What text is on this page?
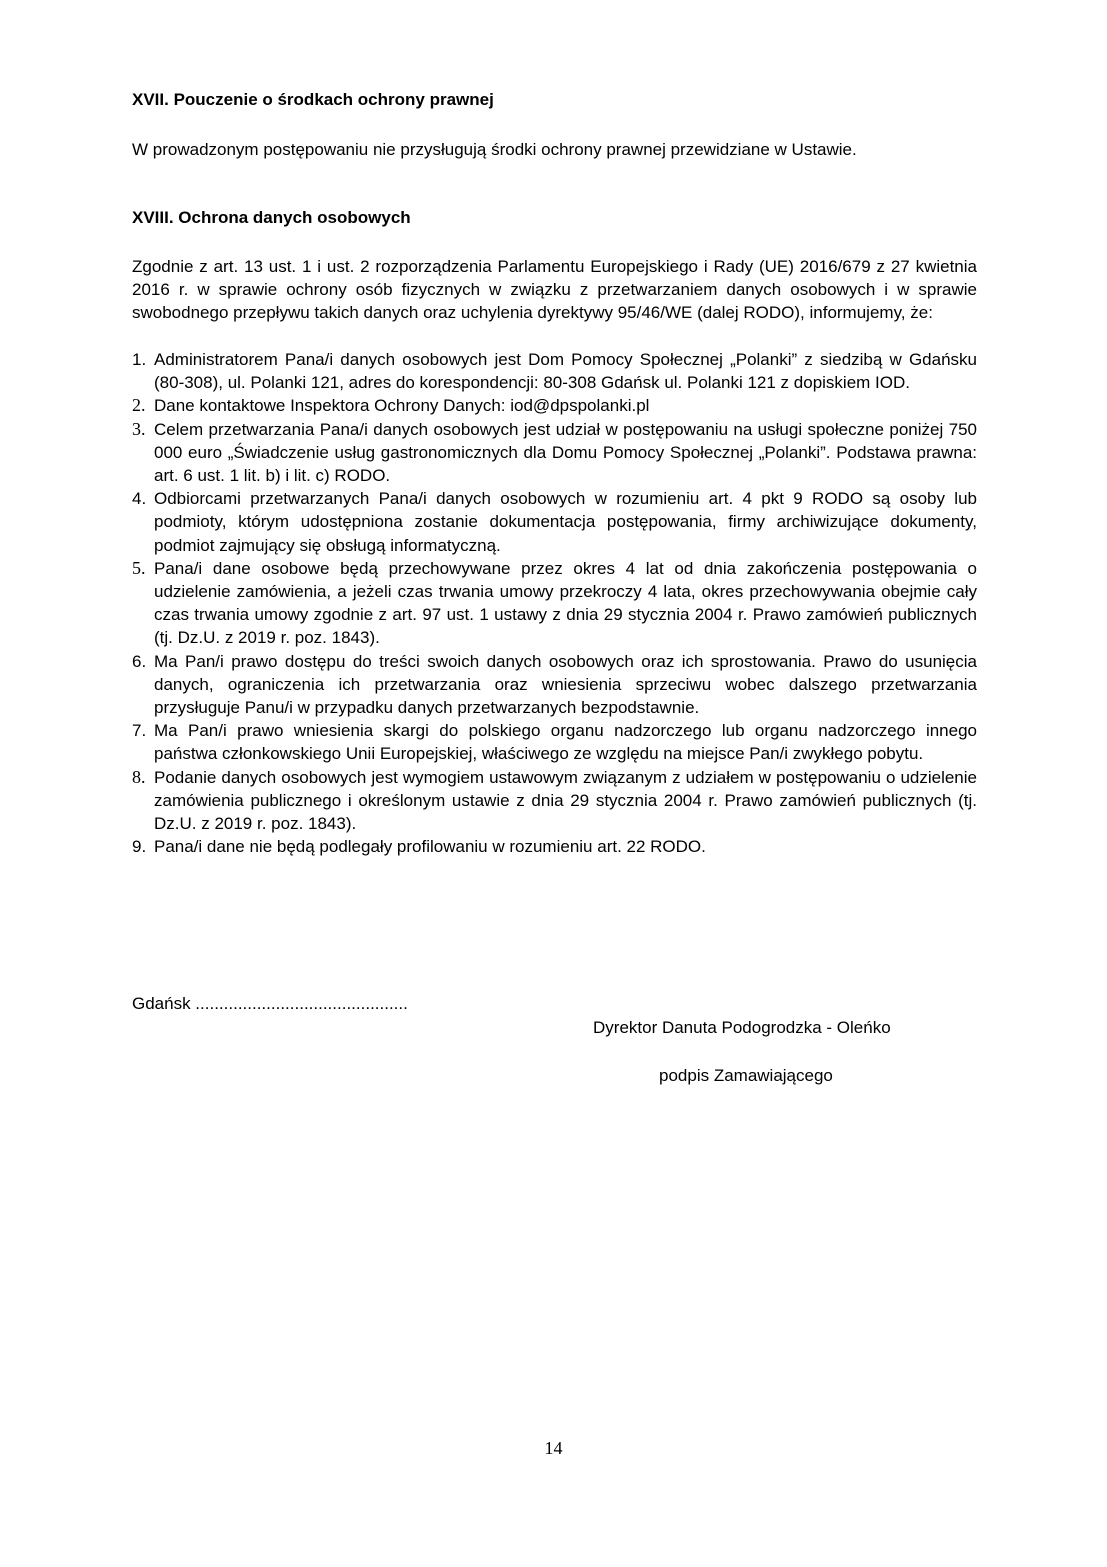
XVII. Pouczenie o środkach ochrony prawnej

W prowadzonym postępowaniu nie przysługują środki ochrony prawnej przewidziane w Ustawie.

XVIII. Ochrona danych osobowych

Zgodnie z art. 13 ust. 1 i ust. 2 rozporządzenia Parlamentu Europejskiego i Rady (UE) 2016/679 z 27 kwietnia 2016 r. w sprawie ochrony osób fizycznych w związku z przetwarzaniem danych osobowych i w sprawie swobodnego przepływu takich danych oraz uchylenia dyrektywy 95/46/WE (dalej RODO), informujemy, że:

1. Administratorem Pana/i danych osobowych jest Dom Pomocy Społecznej „Polanki” z siedzibą w Gdańsku (80-308), ul. Polanki 121, adres do korespondencji: 80-308 Gdańsk ul. Polanki 121 z dopiskiem IOD.
2. Dane kontaktowe Inspektora Ochrony Danych: iod@dpspolanki.pl
3. Celem przetwarzania Pana/i danych osobowych jest udział w postępowaniu na usługi społeczne poniżej 750 000 euro „Świadczenie usług gastronomicznych dla Domu Pomocy Społecznej „Polanki”. Podstawa prawna: art. 6 ust. 1 lit. b) i lit. c) RODO.
4. Odbiorcami przetwarzanych Pana/i danych osobowych w rozumieniu art. 4 pkt 9 RODO są osoby lub podmioty, którym udostępniona zostanie dokumentacja postępowania, firmy archiwizujące dokumenty, podmiot zajmujący się obsługą informatyczną.
5. Pana/i dane osobowe będą przechowywane przez okres 4 lat od dnia zakończenia postępowania o udzielenie zamówienia, a jeżeli czas trwania umowy przekroczy 4 lata, okres przechowywania obejmie cały czas trwania umowy zgodnie z art. 97 ust. 1 ustawy z dnia 29 stycznia 2004 r. Prawo zamówień publicznych (tj. Dz.U. z 2019 r. poz. 1843).
6. Ma Pan/i prawo dostępu do treści swoich danych osobowych oraz ich sprostowania. Prawo do usunięcia danych, ograniczenia ich przetwarzania oraz wniesienia sprzeciwu wobec dalszego przetwarzania przysługuje Panu/i w przypadku danych przetwarzanych bezpodstawnie.
7. Ma Pan/i prawo wniesienia skargi do polskiego organu nadzorczego lub organu nadzorczego innego państwa członkowskiego Unii Europejskiej, właściwego ze względu na miejsce Pan/i zwykłego pobytu.
8. Podanie danych osobowych jest wymogiem ustawowym związanym z udziałem w postępowaniu o udzielenie zamówienia publicznego i określonym ustawie z dnia 29 stycznia 2004 r. Prawo zamówień publicznych (tj. Dz.U. z 2019 r. poz. 1843).
9. Pana/i dane nie będą podlegały profilowaniu w rozumieniu art. 22 RODO.
Gdańsk .............................................
Dyrektor Danuta Podogrodzka - Oleńko
podpis Zamawiającego
14
